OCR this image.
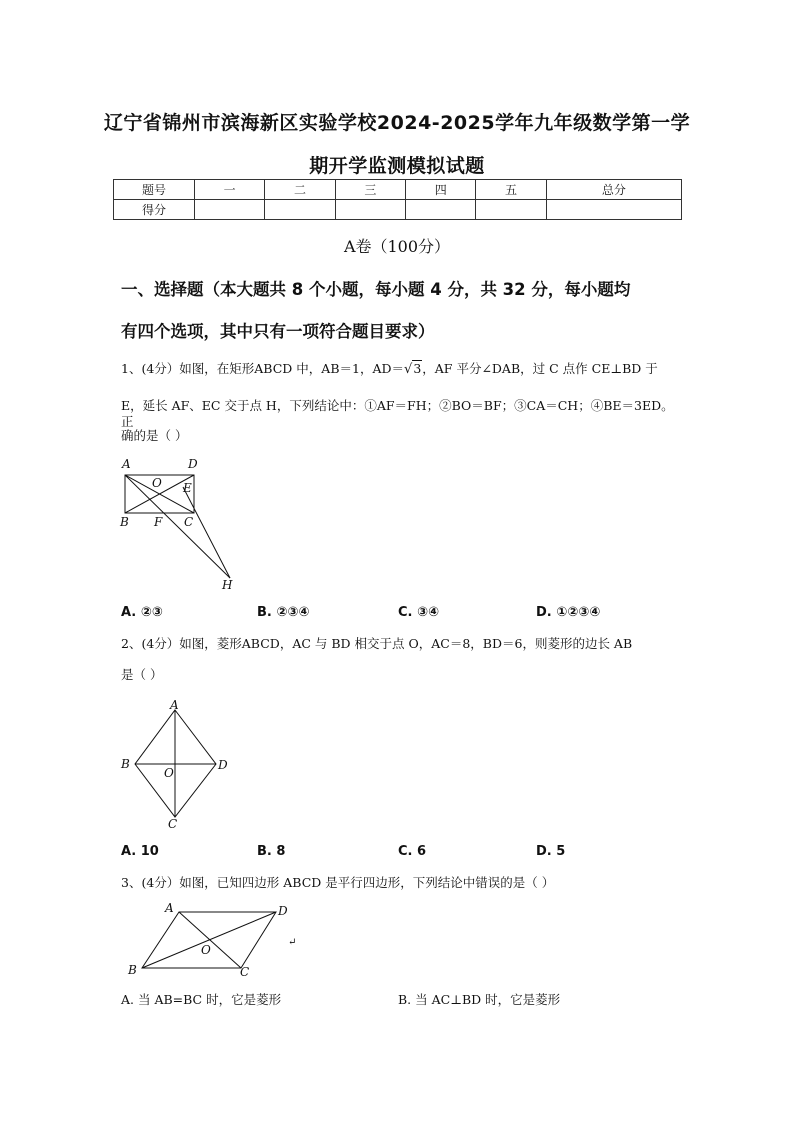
辽宁省锦州市滨海新区实验学校2024-2025学年九年级数学第一学
期开学监测模拟试题
题号	一	二	三	四	五	总分
得分						
A卷（100分）
一、选择题（本大题共 8 个小题，每小题 4 分，共 32 分，每小题均
有四个选项，其中只有一项符合题目要求）
1、(4分）如图，在矩形ABCD 中，AB＝1，AD＝√3，AF 平分∠DAB，过 C 点作 CE⊥BD 于
E，延长 AF、EC 交于点 H，下列结论中：①AF＝FH；②BO＝BF；③CA＝CH；④BE＝3ED。正
确的是（ ）
A	D
O E
B F C
H
A. ②③	B. ②③④	C. ③④	D. ①②③④
2、(4分）如图，菱形ABCD，AC 与 BD 相交于点 O，AC＝8，BD＝6，则菱形的边长 AB
是（ ）
A
B
O
D
C
A. 10	B. 8	C. 6	D. 5
3、(4分）如图，已知四边形 ABCD 是平行四边形，下列结论中错误的是（ ）
A	D
O
B	C
↵
A. 当 AB=BC 时，它是菱形	B. 当 AC⊥BD 时，它是菱形
